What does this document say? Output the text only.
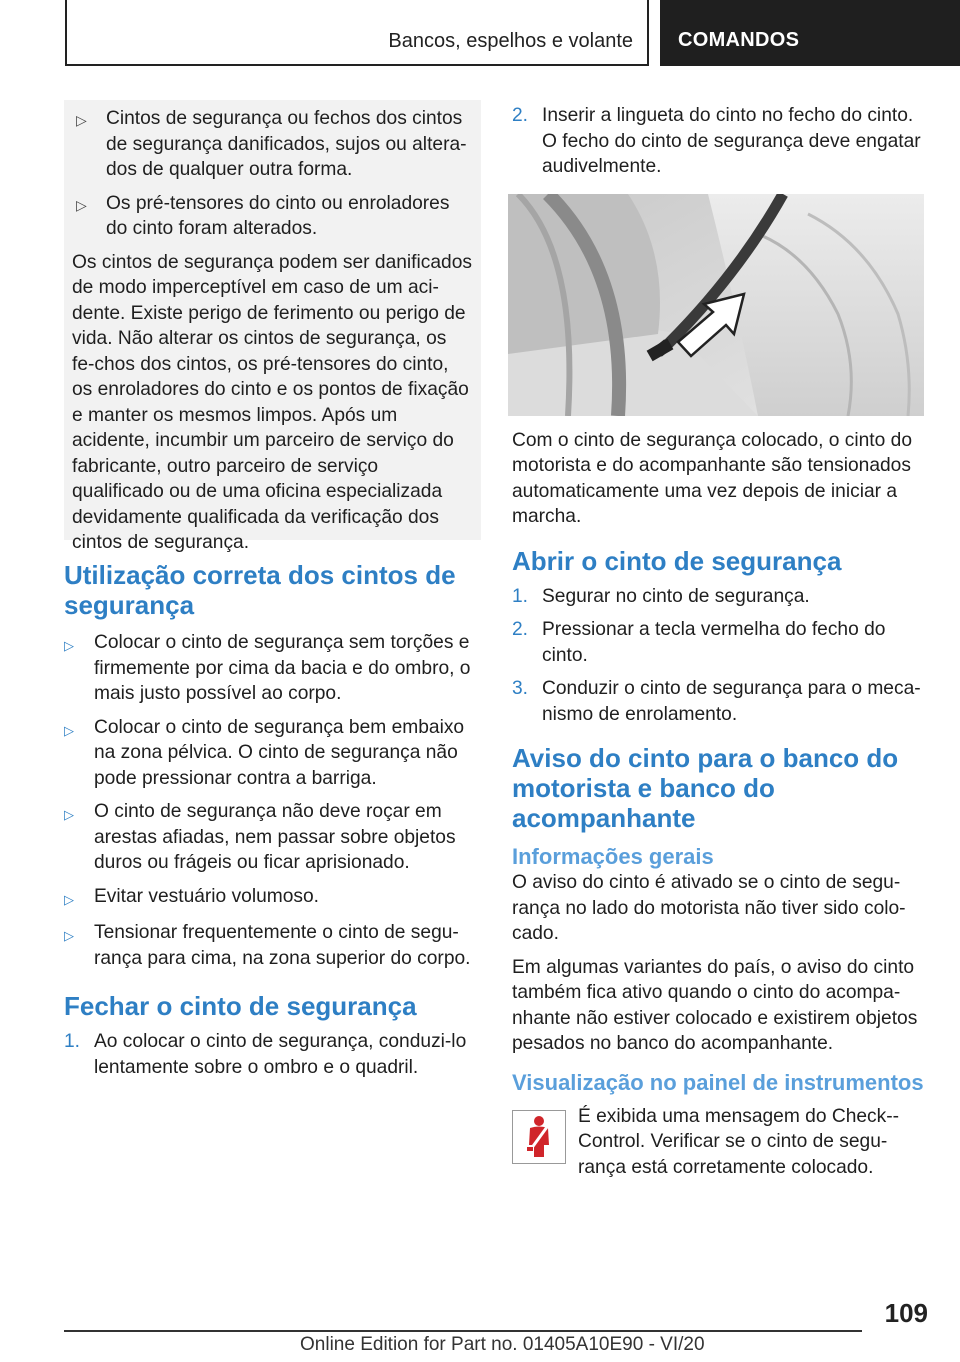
Bancos, espelhos e volante COMANDOS
▷	Cintos de segurança ou fechos dos cintos de segurança danificados, sujos ou altera-dos de qualquer outra forma.
▷	Os pré-tensores do cinto ou enroladores do cinto foram alterados.

Os cintos de segurança podem ser danificados de modo imperceptível em caso de um aci-dente. Existe perigo de ferimento ou perigo de vida. Não alterar os cintos de segurança, os fe-chos dos cintos, os pré-tensores do cinto, os enroladores do cinto e os pontos de fixação e manter os mesmos limpos. Após um acidente, incumbir um parceiro de serviço do fabricante, outro parceiro de serviço qualificado ou de uma oficina especializada devidamente qualificada da verificação dos cintos de segurança.

Utilização correta dos cintos de segurança
▷	Colocar o cinto de segurança sem torções e firmemente por cima da bacia e do ombro, o mais justo possível ao corpo.
▷	Colocar o cinto de segurança bem embaixo na zona pélvica. O cinto de segurança não pode pressionar contra a barriga.
▷	O cinto de segurança não deve roçar em arestas afiadas, nem passar sobre objetos duros ou frágeis ou ficar aprisionado.
▷	Evitar vestuário volumoso.
▷	Tensionar frequentemente o cinto de segu-rança para cima, na zona superior do corpo.
Fechar o cinto de segurança
1. Ao colocar o cinto de segurança, conduzi-lo lentamente sobre o ombro e o quadril.
2. Inserir a lingueta do cinto no fecho do cinto. O fecho do cinto de segurança deve engatar audivelmente.

Com o cinto de segurança colocado, o cinto do motorista e do acompanhante são tensionados automaticamente uma vez depois de iniciar a marcha.

Abrir o cinto de segurança
1. Segurar no cinto de segurança.
2. Pressionar a tecla vermelha do fecho do cinto.
3. Conduzir o cinto de segurança para o meca-nismo de enrolamento.
Aviso do cinto para o banco do motorista e banco do acompanhante
Informações gerais

O aviso do cinto é ativado se o cinto de segu-rança no lado do motorista não tiver sido colo-cado.

Em algumas variantes do país, o aviso do cinto também fica ativo quando o cinto do acompa-nhante não estiver colocado e existirem objetos pesados no banco do acompanhante.

Visualização no painel de instrumentos

É exibida uma mensagem do Check--Control. Verificar se o cinto de segu-rança está corretamente colocado.

109
Online Edition for Part no. 01405A10E90 - VI/20
